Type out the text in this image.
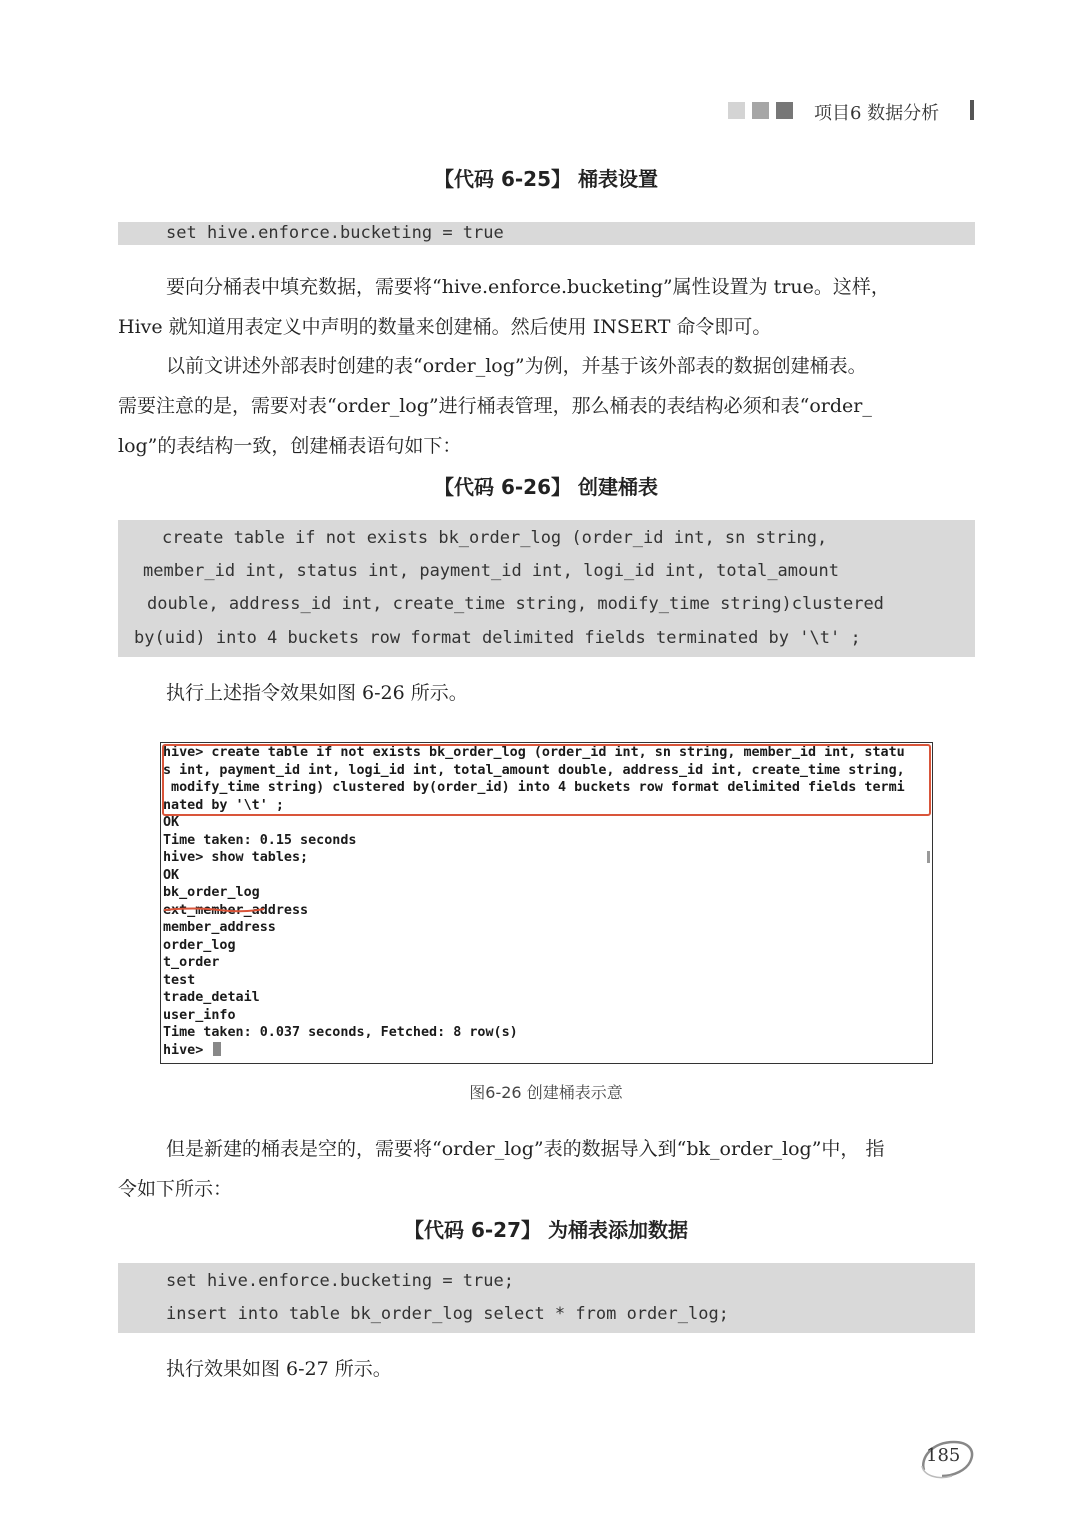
项目6 数据分析
【代码 6-25】 桶表设置
set hive.enforce.bucketing = true
要向分桶表中填充数据，需要将“hive.enforce.bucketing”属性设置为 true。这样，
Hive 就知道用表定义中声明的数量来创建桶。然后使用 INSERT 命令即可。
以前文讲述外部表时创建的表“order_log”为例，并基于该外部表的数据创建桶表。
需要注意的是，需要对表“order_log”进行桶表管理，那么桶表的表结构必须和表“order_
log”的表结构一致，创建桶表语句如下：
【代码 6-26】 创建桶表
create table if not exists bk_order_log (order_id int, sn string,
member_id int, status int, payment_id int, logi_id int, total_amount
double, address_id int, create_time string, modify_time string)clustered
by(uid) into 4 buckets row format delimited fields terminated by '\t' ;
执行上述指令效果如图 6-26 所示。
hive> create table if not exists bk_order_log (order_id int, sn string, member_id int, statu
s int, payment_id int, logi_id int, total_amount double, address_id int, create_time string,
modify_time string) clustered by(order_id) into 4 buckets row format delimited fields termi
nated by '\t' ;
OK
Time taken: 0.15 seconds
hive> show tables;
OK
bk_order_log
ext_member_address
member_address
order_log
t_order
test
trade_detail
user_info
Time taken: 0.037 seconds, Fetched: 8 row(s)
hive>
图6-26 创建桶表示意
但是新建的桶表是空的，需要将“order_log”表的数据导入到“bk_order_log”中， 指
令如下所示：
【代码 6-27】 为桶表添加数据
set hive.enforce.bucketing = true;
insert into table bk_order_log select * from order_log;
执行效果如图 6-27 所示。
185
